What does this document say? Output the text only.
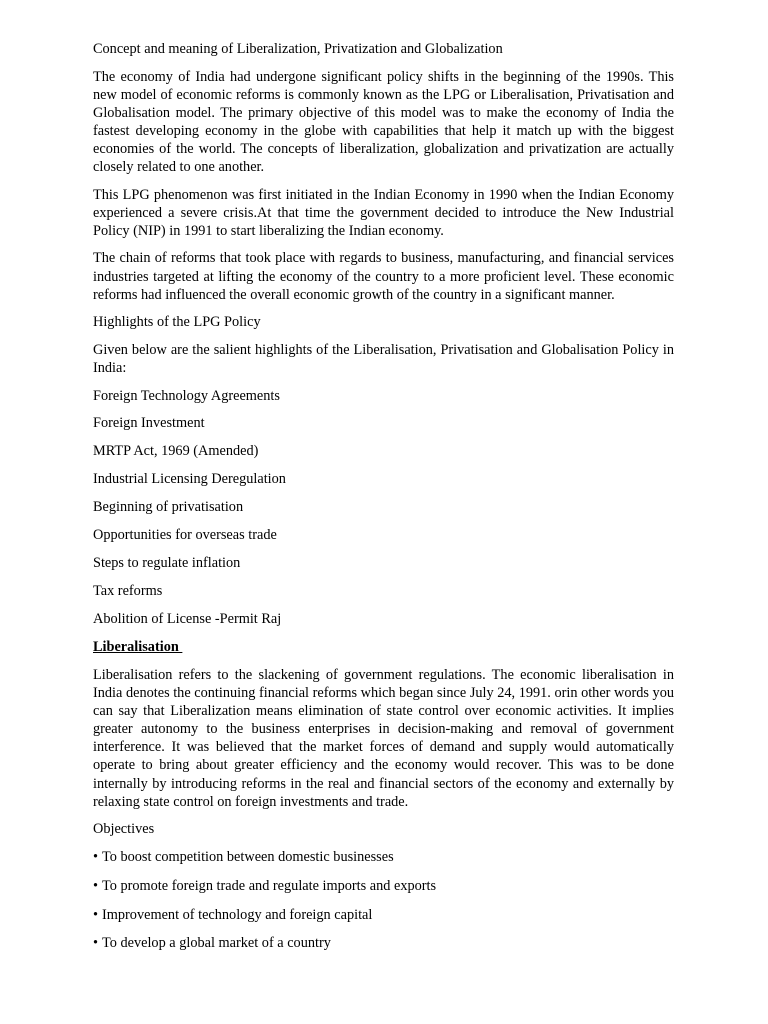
Concept and meaning of Liberalization, Privatization and Globalization
The economy of India had undergone significant policy shifts in the beginning of the 1990s. This new model of economic reforms is commonly known as the LPG or Liberalisation, Privatisation and Globalisation model. The primary objective of this model was to make the economy of India the fastest developing economy in the globe with capabilities that help it match up with the biggest economies of the world. The concepts of liberalization, globalization and privatization are actually closely related to one another.
This LPG phenomenon was first initiated in the Indian Economy in 1990 when the Indian Economy experienced a severe crisis.At that time the government decided to introduce the New Industrial Policy (NIP) in 1991 to start liberalizing the Indian economy.
The chain of reforms that took place with regards to business, manufacturing, and financial services industries targeted at lifting the economy of the country to a more proficient level. These economic reforms had influenced the overall economic growth of the country in a significant manner.
Highlights of the LPG Policy
Given below are the salient highlights of the Liberalisation, Privatisation and Globalisation Policy in India:
Foreign Technology Agreements
Foreign Investment
MRTP Act, 1969 (Amended)
Industrial Licensing Deregulation
Beginning of privatisation
Opportunities for overseas trade
Steps to regulate inflation
Tax reforms
Abolition of License -Permit Raj
Liberalisation
Liberalisation refers to the slackening of government regulations. The economic liberalisation in India denotes the continuing financial reforms which began since July 24, 1991. orin other words you can say that Liberalization means elimination of state control over economic activities. It implies greater autonomy to the business enterprises in decision-making and removal of government interference. It was believed that the market forces of demand and supply would automatically operate to bring about greater efficiency and the economy would recover. This was to be done internally by introducing reforms in the real and financial sectors of the economy and externally by relaxing state control on foreign investments and trade.
Objectives
• To boost competition between domestic businesses
• To promote foreign trade and regulate imports and exports
• Improvement of technology and foreign capital
• To develop a global market of a country
